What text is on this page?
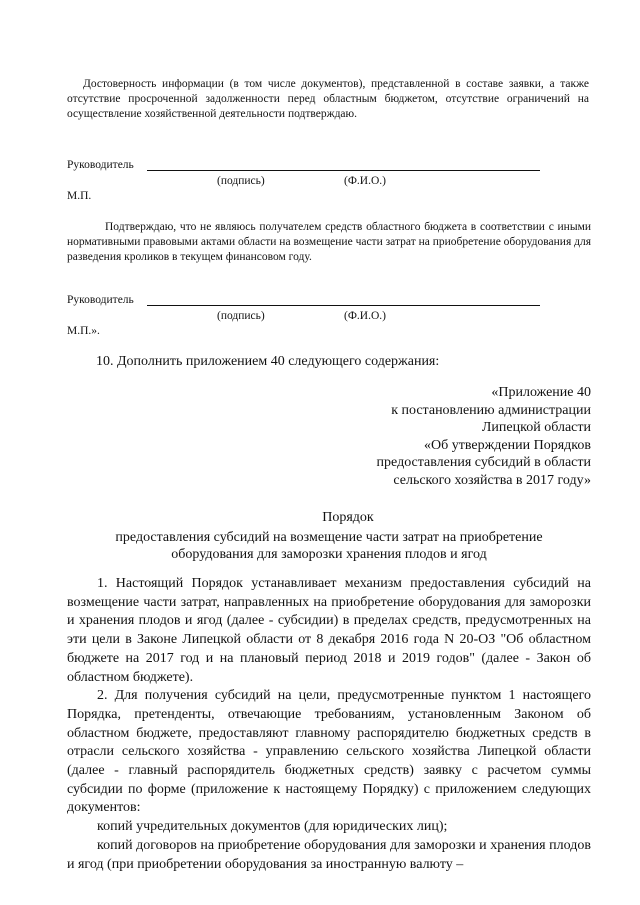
Достоверность информации (в том числе документов), представленной в составе заявки, а также отсутствие просроченной задолженности перед областным бюджетом, отсутствие ограничений на осуществление хозяйственной деятельности подтверждаю.
Руководитель
(подпись)	(Ф.И.О.)
М.П.
Подтверждаю, что не являюсь получателем средств областного бюджета в соответствии с иными нормативными правовыми актами области на возмещение части затрат на приобретение оборудования для разведения кроликов в текущем финансовом году.
Руководитель
(подпись)	(Ф.И.О.)
М.П.».
10. Дополнить приложением 40 следующего содержания:
«Приложение 40
к постановлению администрации
Липецкой области
«Об утверждении Порядков
предоставления субсидий в области
сельского хозяйства в 2017 году»
Порядок
предоставления субсидий на возмещение части затрат на приобретение
оборудования для заморозки хранения плодов и ягод

1. Настоящий Порядок устанавливает механизм предоставления субсидий на возмещение части затрат, направленных на приобретение оборудования для заморозки и хранения плодов и ягод (далее - субсидии) в пределах средств, предусмотренных на эти цели в Законе Липецкой области от 8 декабря 2016 года N 20-ОЗ "Об областном бюджете на 2017 год и на плановый период 2018 и 2019 годов" (далее - Закон об областном бюджете).

2. Для получения субсидий на цели, предусмотренные пунктом 1 настоящего Порядка, претенденты, отвечающие требованиям, установленным Законом об областном бюджете, предоставляют главному распорядителю бюджетных средств в отрасли сельского хозяйства - управлению сельского хозяйства Липецкой области (далее - главный распорядитель бюджетных средств) заявку с расчетом суммы субсидии по форме (приложение к настоящему Порядку) с приложением следующих документов:

копий учредительных документов (для юридических лиц);

копий договоров на приобретение оборудования для заморозки и хранения плодов и ягод (при приобретении оборудования за иностранную валюту –
